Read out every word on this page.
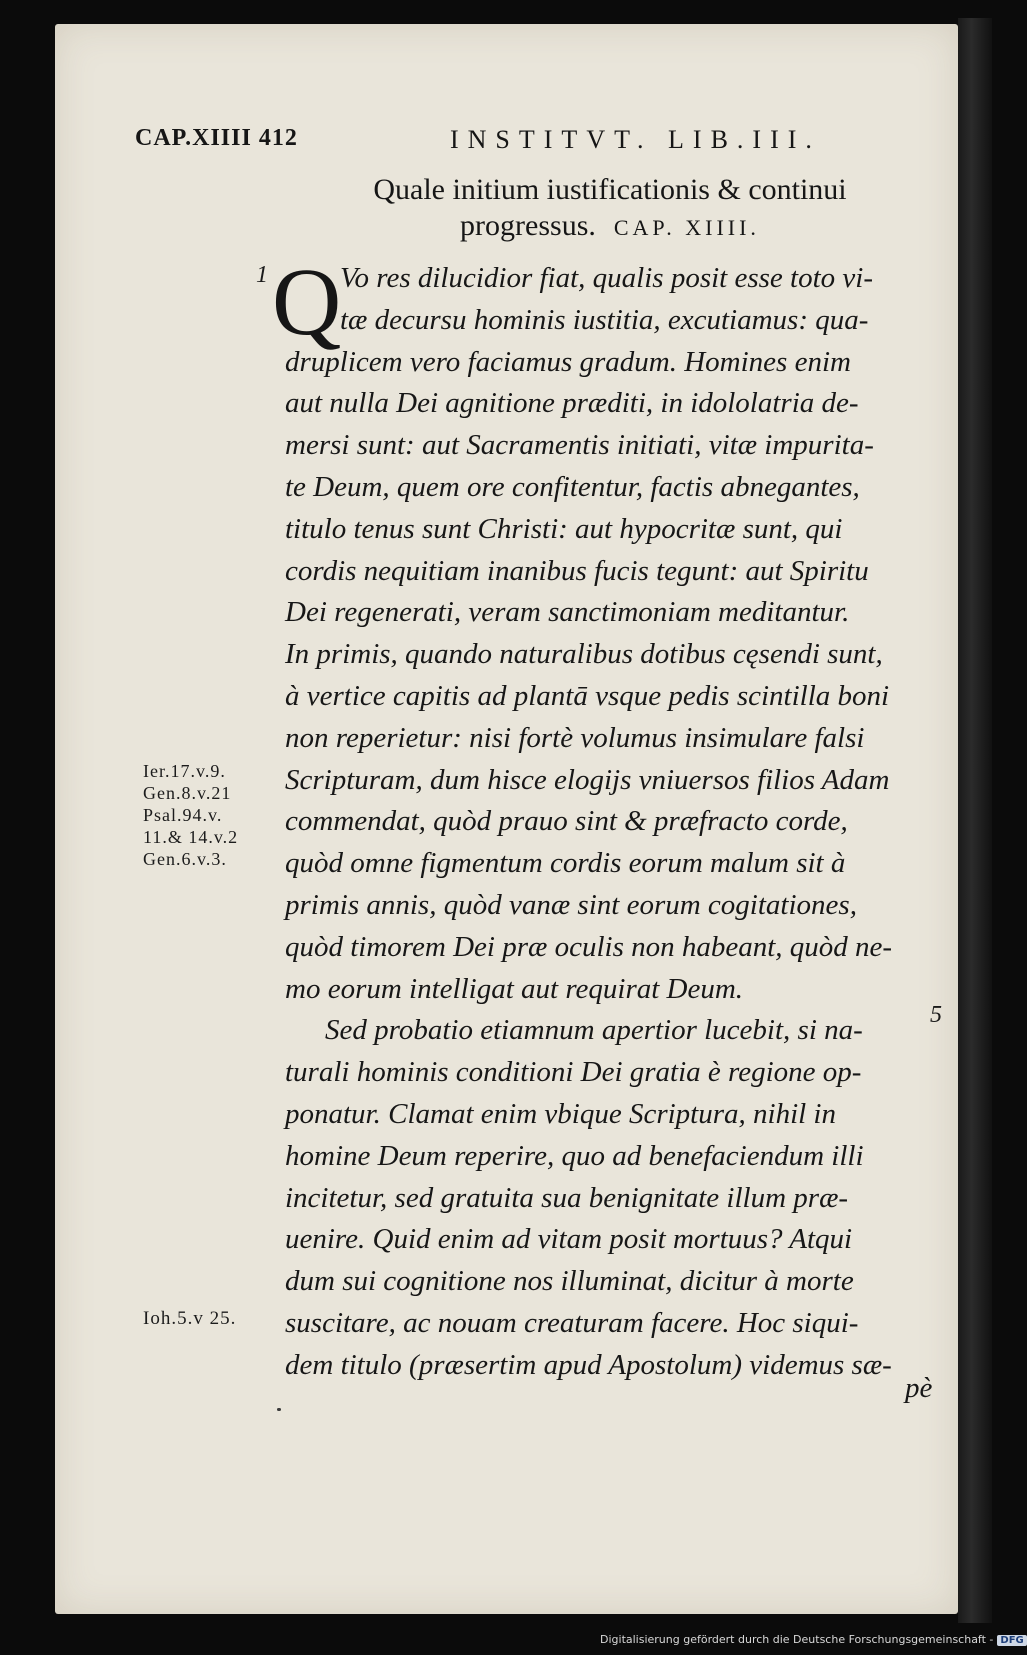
CAP.XIIII 412	INSTITVT. LIB.III.
Quale initium iustificationis & continui
progressus. CAP. XIIII.
1
5
Q
Vo res dilucidior fiat, qualis posit esse toto vi-
tæ decursu hominis iustitia, excutiamus: qua-
druplicem vero faciamus gradum. Homines enim
aut nulla Dei agnitione præditi, in idololatria de-
mersi sunt: aut Sacramentis initiati, vitæ impurita-
te Deum, quem ore confitentur, factis abnegantes,
titulo tenus sunt Christi: aut hypocritæ sunt, qui
cordis nequitiam inanibus fucis tegunt: aut Spiritu
Dei regenerati, veram sanctimoniam meditantur.
In primis, quando naturalibus dotibus cęsendi sunt,
à vertice capitis ad plantā vsque pedis scintilla boni
non reperietur: nisi fortè volumus insimulare falsi
Scripturam, dum hisce elogijs vniuersos filios Adam
commendat, quòd prauo sint & præfracto corde,
quòd omne figmentum cordis eorum malum sit à
primis annis, quòd vanæ sint eorum cogitationes,
quòd timorem Dei præ oculis non habeant, quòd ne-
mo eorum intelligat aut requirat Deum.
Sed probatio etiamnum apertior lucebit, si na-
turali hominis conditioni Dei gratia è regione op-
ponatur. Clamat enim vbique Scriptura, nihil in
homine Deum reperire, quo ad benefaciendum illi
incitetur, sed gratuita sua benignitate illum præ-
uenire. Quid enim ad vitam posit mortuus? Atqui
dum sui cognitione nos illuminat, dicitur à morte
suscitare, ac nouam creaturam facere. Hoc siqui-
dem titulo (præsertim apud Apostolum) videmus sæ-
Ier.17.v.9.
Gen.8.v.21
Psal.94.v.
11.& 14.v.2
Gen.6.v.3.
Ioh.5.v 25.
pè
Digitalisierung gefördert durch die Deutsche Forschungsgemeinschaft - DFG
